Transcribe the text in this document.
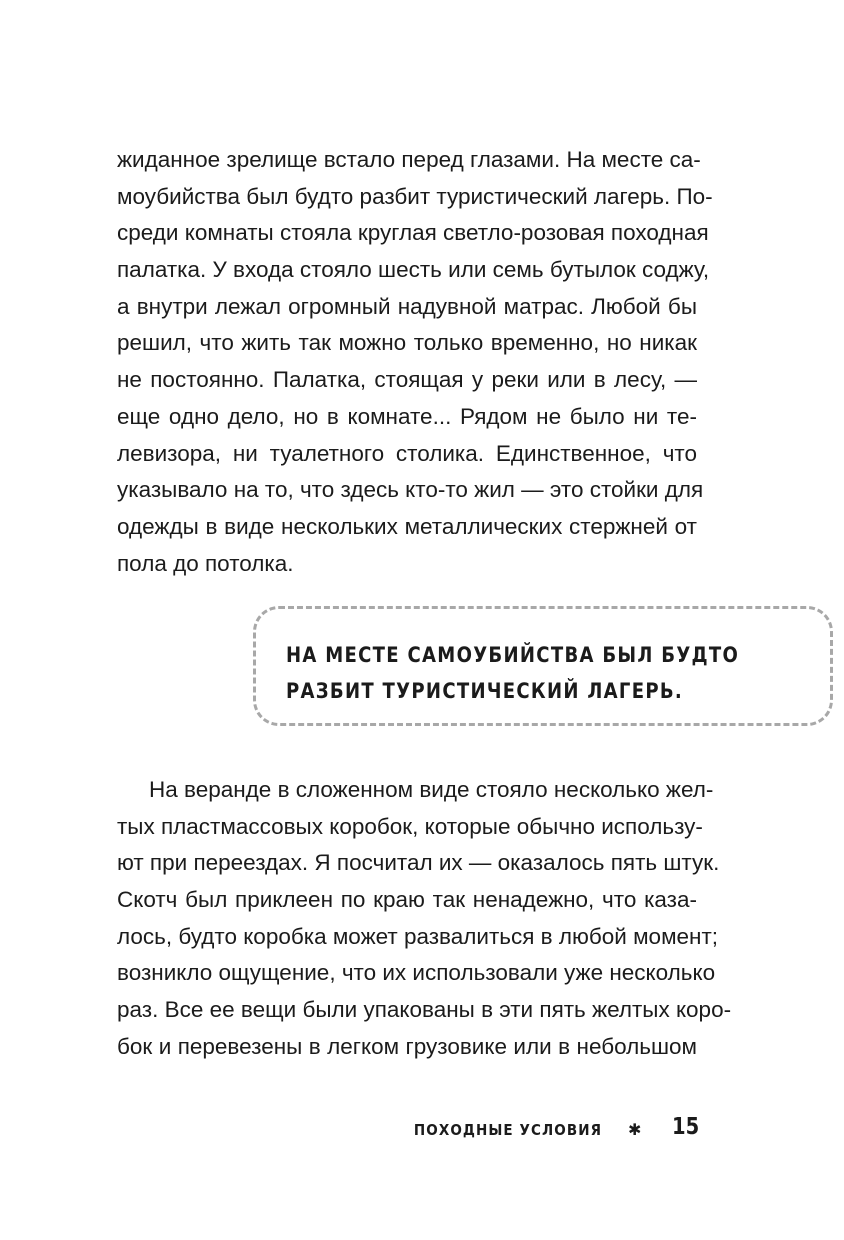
жиданное зрелище встало перед глазами. На месте са-
моубийства был будто разбит туристический лагерь. По-
среди комнаты стояла круглая светло-розовая походная
палатка. У входа стояло шесть или семь бутылок соджу,
а внутри лежал огромный надувной матрас. Любой бы
решил, что жить так можно только временно, но никак
не постоянно. Палатка, стоящая у реки или в лесу, —
еще одно дело, но в комнате... Рядом не было ни те-
левизора, ни туалетного столика. Единственное, что
указывало на то, что здесь кто-то жил — это стойки для
одежды в виде нескольких металлических стержней от
пола до потолка.
НА МЕСТЕ САМОУБИЙСТВА БЫЛ БУДТО
РАЗБИТ ТУРИСТИЧЕСКИЙ ЛАГЕРЬ.
На веранде в сложенном виде стояло несколько жел-
тых пластмассовых коробок, которые обычно использу-
ют при переездах. Я посчитал их — оказалось пять штук.
Скотч был приклеен по краю так ненадежно, что каза-
лось, будто коробка может развалиться в любой момент;
возникло ощущение, что их использовали уже несколько
раз. Все ее вещи были упакованы в эти пять желтых коро-
бок и перевезены в легком грузовике или в небольшом
ПОХОДНЫЕ УСЛОВИЯ ✱ 15
